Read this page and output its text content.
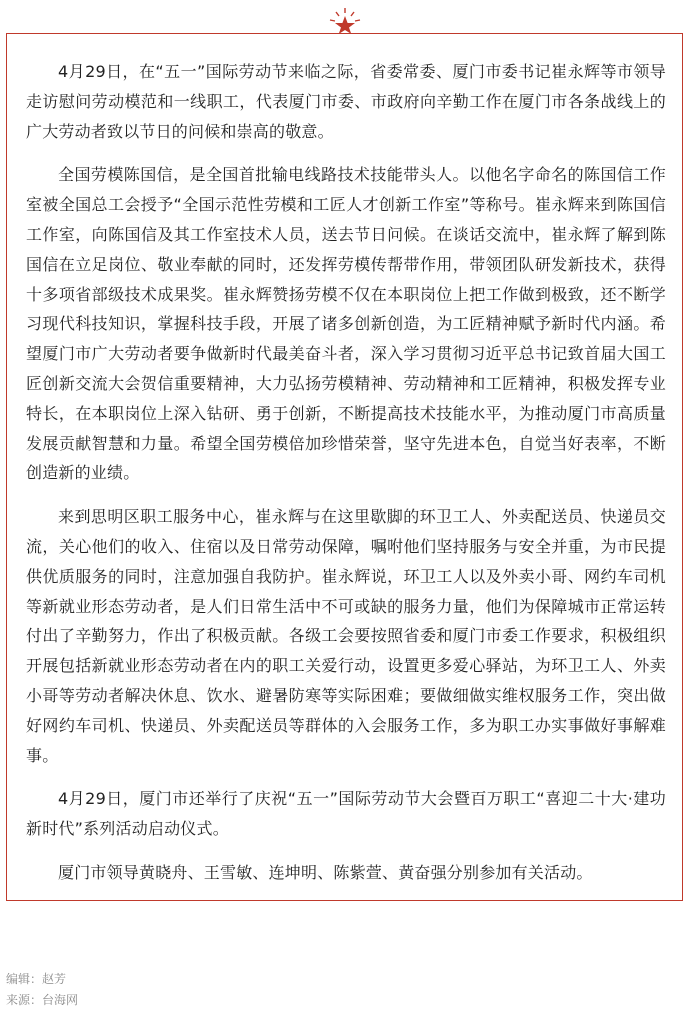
4月29日，在“五一”国际劳动节来临之际，省委常委、厦门市委书记崔永辉等市领导走访慰问劳动模范和一线职工，代表厦门市委、市政府向辛勤工作在厦门市各条战线上的广大劳动者致以节日的问候和崇高的敬意。

全国劳模陈国信，是全国首批输电线路技术技能带头人。以他名字命名的陈国信工作室被全国总工会授予“全国示范性劳模和工匠人才创新工作室”等称号。崔永辉来到陈国信工作室，向陈国信及其工作室技术人员，送去节日问候。在谈话交流中，崔永辉了解到陈国信在立足岗位、敬业奉献的同时，还发挥劳模传帮带作用，带领团队研发新技术，获得十多项省部级技术成果奖。崔永辉赞扬劳模不仅在本职岗位上把工作做到极致，还不断学习现代科技知识，掌握科技手段，开展了诸多创新创造，为工匠精神赋予新时代内涵。希望厦门市广大劳动者要争做新时代最美奋斗者，深入学习贯彻习近平总书记致首届大国工匠创新交流大会贺信重要精神，大力弘扬劳模精神、劳动精神和工匠精神，积极发挥专业特长，在本职岗位上深入钻研、勇于创新，不断提高技术技能水平，为推动厦门市高质量发展贡献智慧和力量。希望全国劳模倍加珍惜荣誉，坚守先进本色，自觉当好表率，不断创造新的业绩。

来到思明区职工服务中心，崔永辉与在这里歇脚的环卫工人、外卖配送员、快递员交流，关心他们的收入、住宿以及日常劳动保障，嘱咐他们坚持服务与安全并重，为市民提供优质服务的同时，注意加强自我防护。崔永辉说，环卫工人以及外卖小哥、网约车司机等新就业形态劳动者，是人们日常生活中不可或缺的服务力量，他们为保障城市正常运转付出了辛勤努力，作出了积极贡献。各级工会要按照省委和厦门市委工作要求，积极组织开展包括新就业形态劳动者在内的职工关爱行动，设置更多爱心驿站，为环卫工人、外卖小哥等劳动者解决休息、饮水、避暑防寒等实际困难；要做细做实维权服务工作，突出做好网约车司机、快递员、外卖配送员等群体的入会服务工作，多为职工办实事做好事解难事。

4月29日，厦门市还举行了庆祝“五一”国际劳动节大会暨百万职工“喜迎二十大·建功新时代”系列活动启动仪式。

厦门市领导黄晓舟、王雪敏、连坤明、陈紫萱、黄奋强分别参加有关活动。

编辑：赵芳
来源：台海网
